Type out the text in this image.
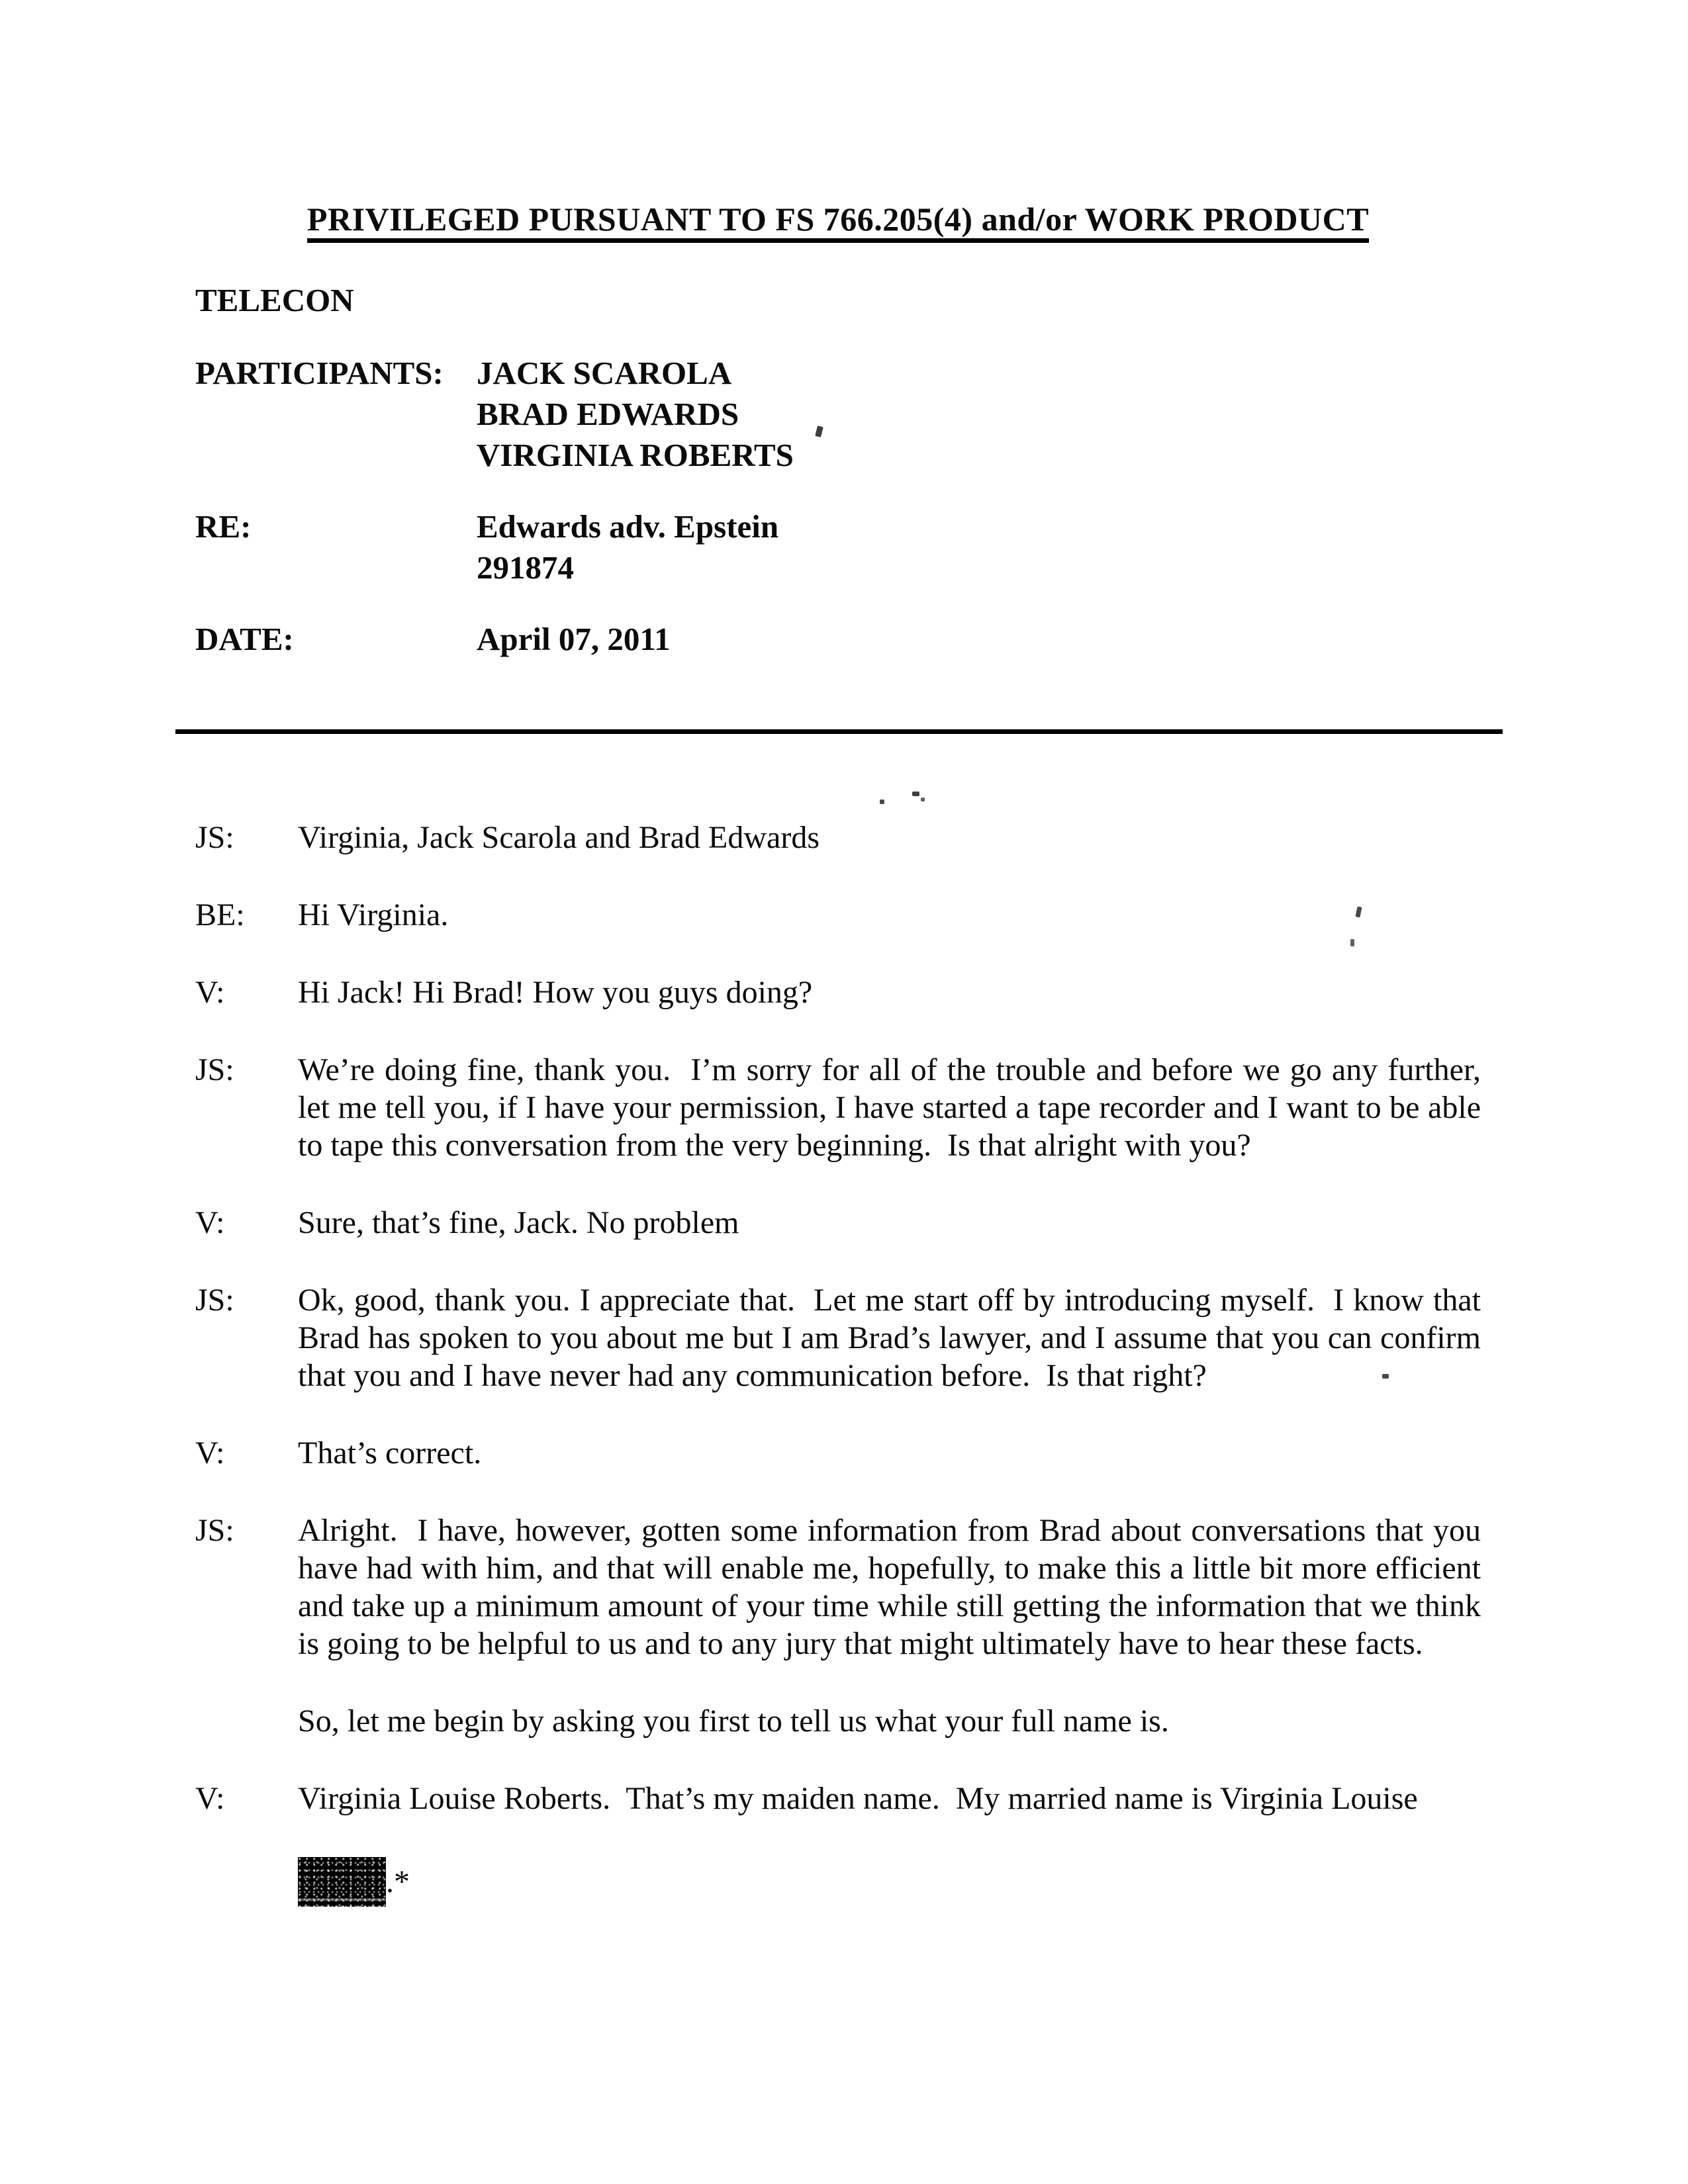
PRIVILEGED PURSUANT TO FS 766.205(4) and/or WORK PRODUCT
TELECON
PARTICIPANTS:	JACK SCAROLA
BRAD EDWARDS
VIRGINIA ROBERTS
RE:	Edwards adv. Epstein
291874
DATE:	April 07, 2011
JS: Virginia, Jack Scarola and Brad Edwards
BE: Hi Virginia.
V: Hi Jack! Hi Brad! How you guys doing?
JS: We’re doing fine, thank you.  I’m sorry for all of the trouble and before we go any further, let me tell you, if I have your permission, I have started a tape recorder and I want to be able to tape this conversation from the very beginning.  Is that alright with you?
V: Sure, that’s fine, Jack. No problem
JS: Ok, good, thank you. I appreciate that.  Let me start off by introducing myself.  I know that Brad has spoken to you about me but I am Brad’s lawyer, and I assume that you can confirm that you and I have never had any communication before.  Is that right?
V: That’s correct.
JS: Alright.  I have, however, gotten some information from Brad about conversations that you have had with him, and that will enable me, hopefully, to make this a little bit more efficient and take up a minimum amount of your time while still getting the information that we think is going to be helpful to us and to any jury that might ultimately have to hear these facts.
So, let me begin by asking you first to tell us what your full name is.
V: Virginia Louise Roberts.  That’s my maiden name.  My married name is Virginia Louise
.*
